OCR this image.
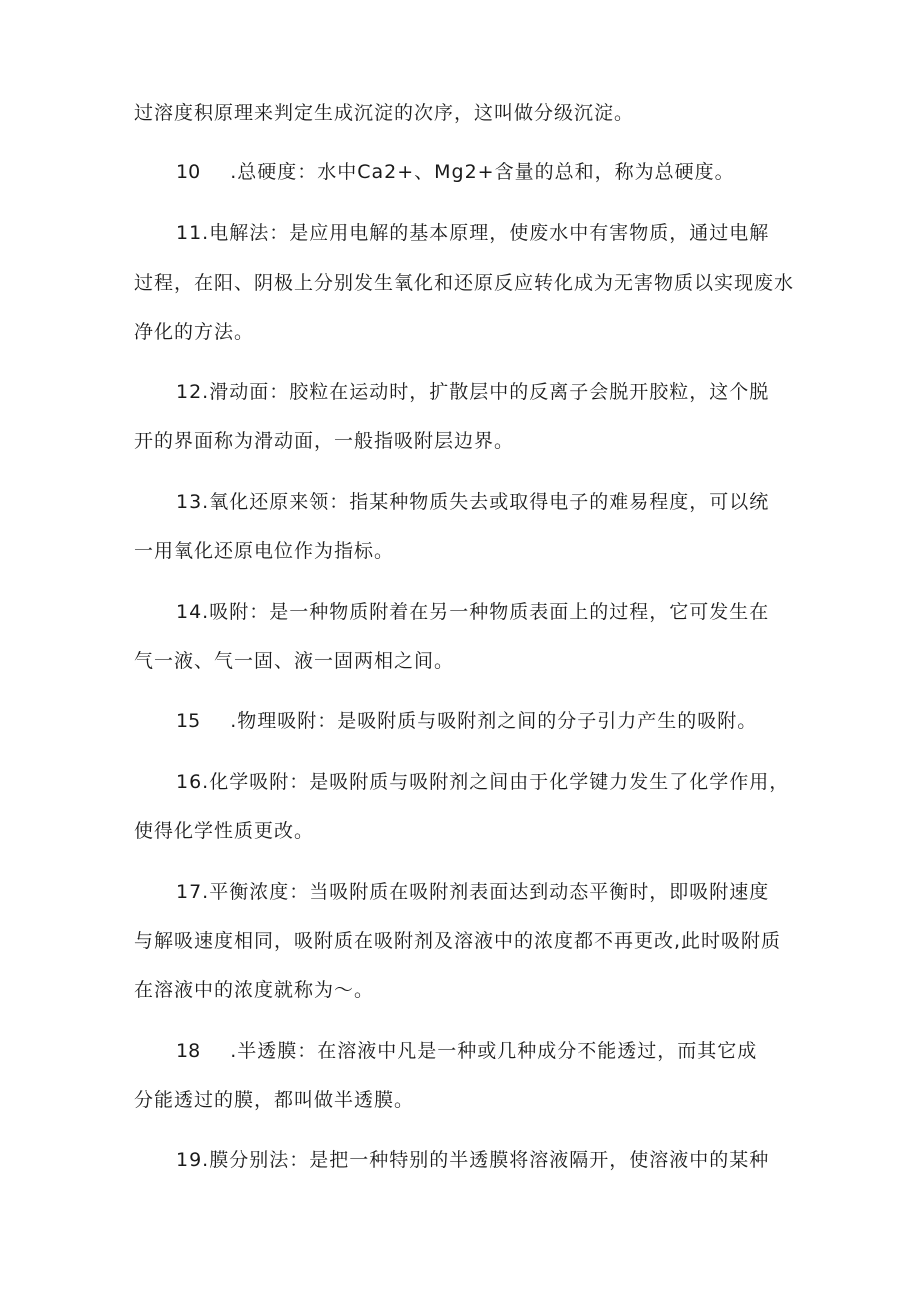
过溶度积原理来判定生成沉淀的次序，这叫做分级沉淀。
10 .总硬度：水中Ca2+、Mg2+含量的总和，称为总硬度。
11.电解法：是应用电解的基本原理，使废水中有害物质，通过电解
过程，在阳、阴极上分别发生氧化和还原反应转化成为无害物质以实现废水
净化的方法。
12.滑动面：胶粒在运动时，扩散层中的反离子会脱开胶粒，这个脱
开的界面称为滑动面，一般指吸附层边界。
13.氧化还原来领：指某种物质失去或取得电子的难易程度，可以统
一用氧化还原电位作为指标。
14.吸附：是一种物质附着在另一种物质表面上的过程，它可发生在
气一液、气一固、液一固两相之间。
15 .物理吸附：是吸附质与吸附剂之间的分子引力产生的吸附。
16.化学吸附：是吸附质与吸附剂之间由于化学键力发生了化学作用，
使得化学性质更改。
17.平衡浓度：当吸附质在吸附剂表面达到动态平衡时，即吸附速度
与解吸速度相同，吸附质在吸附剂及溶液中的浓度都不再更改,此时吸附质
在溶液中的浓度就称为～。
18 .半透膜：在溶液中凡是一种或几种成分不能透过，而其它成
分能透过的膜，都叫做半透膜。
19.膜分别法：是把一种特别的半透膜将溶液隔开，使溶液中的某种
